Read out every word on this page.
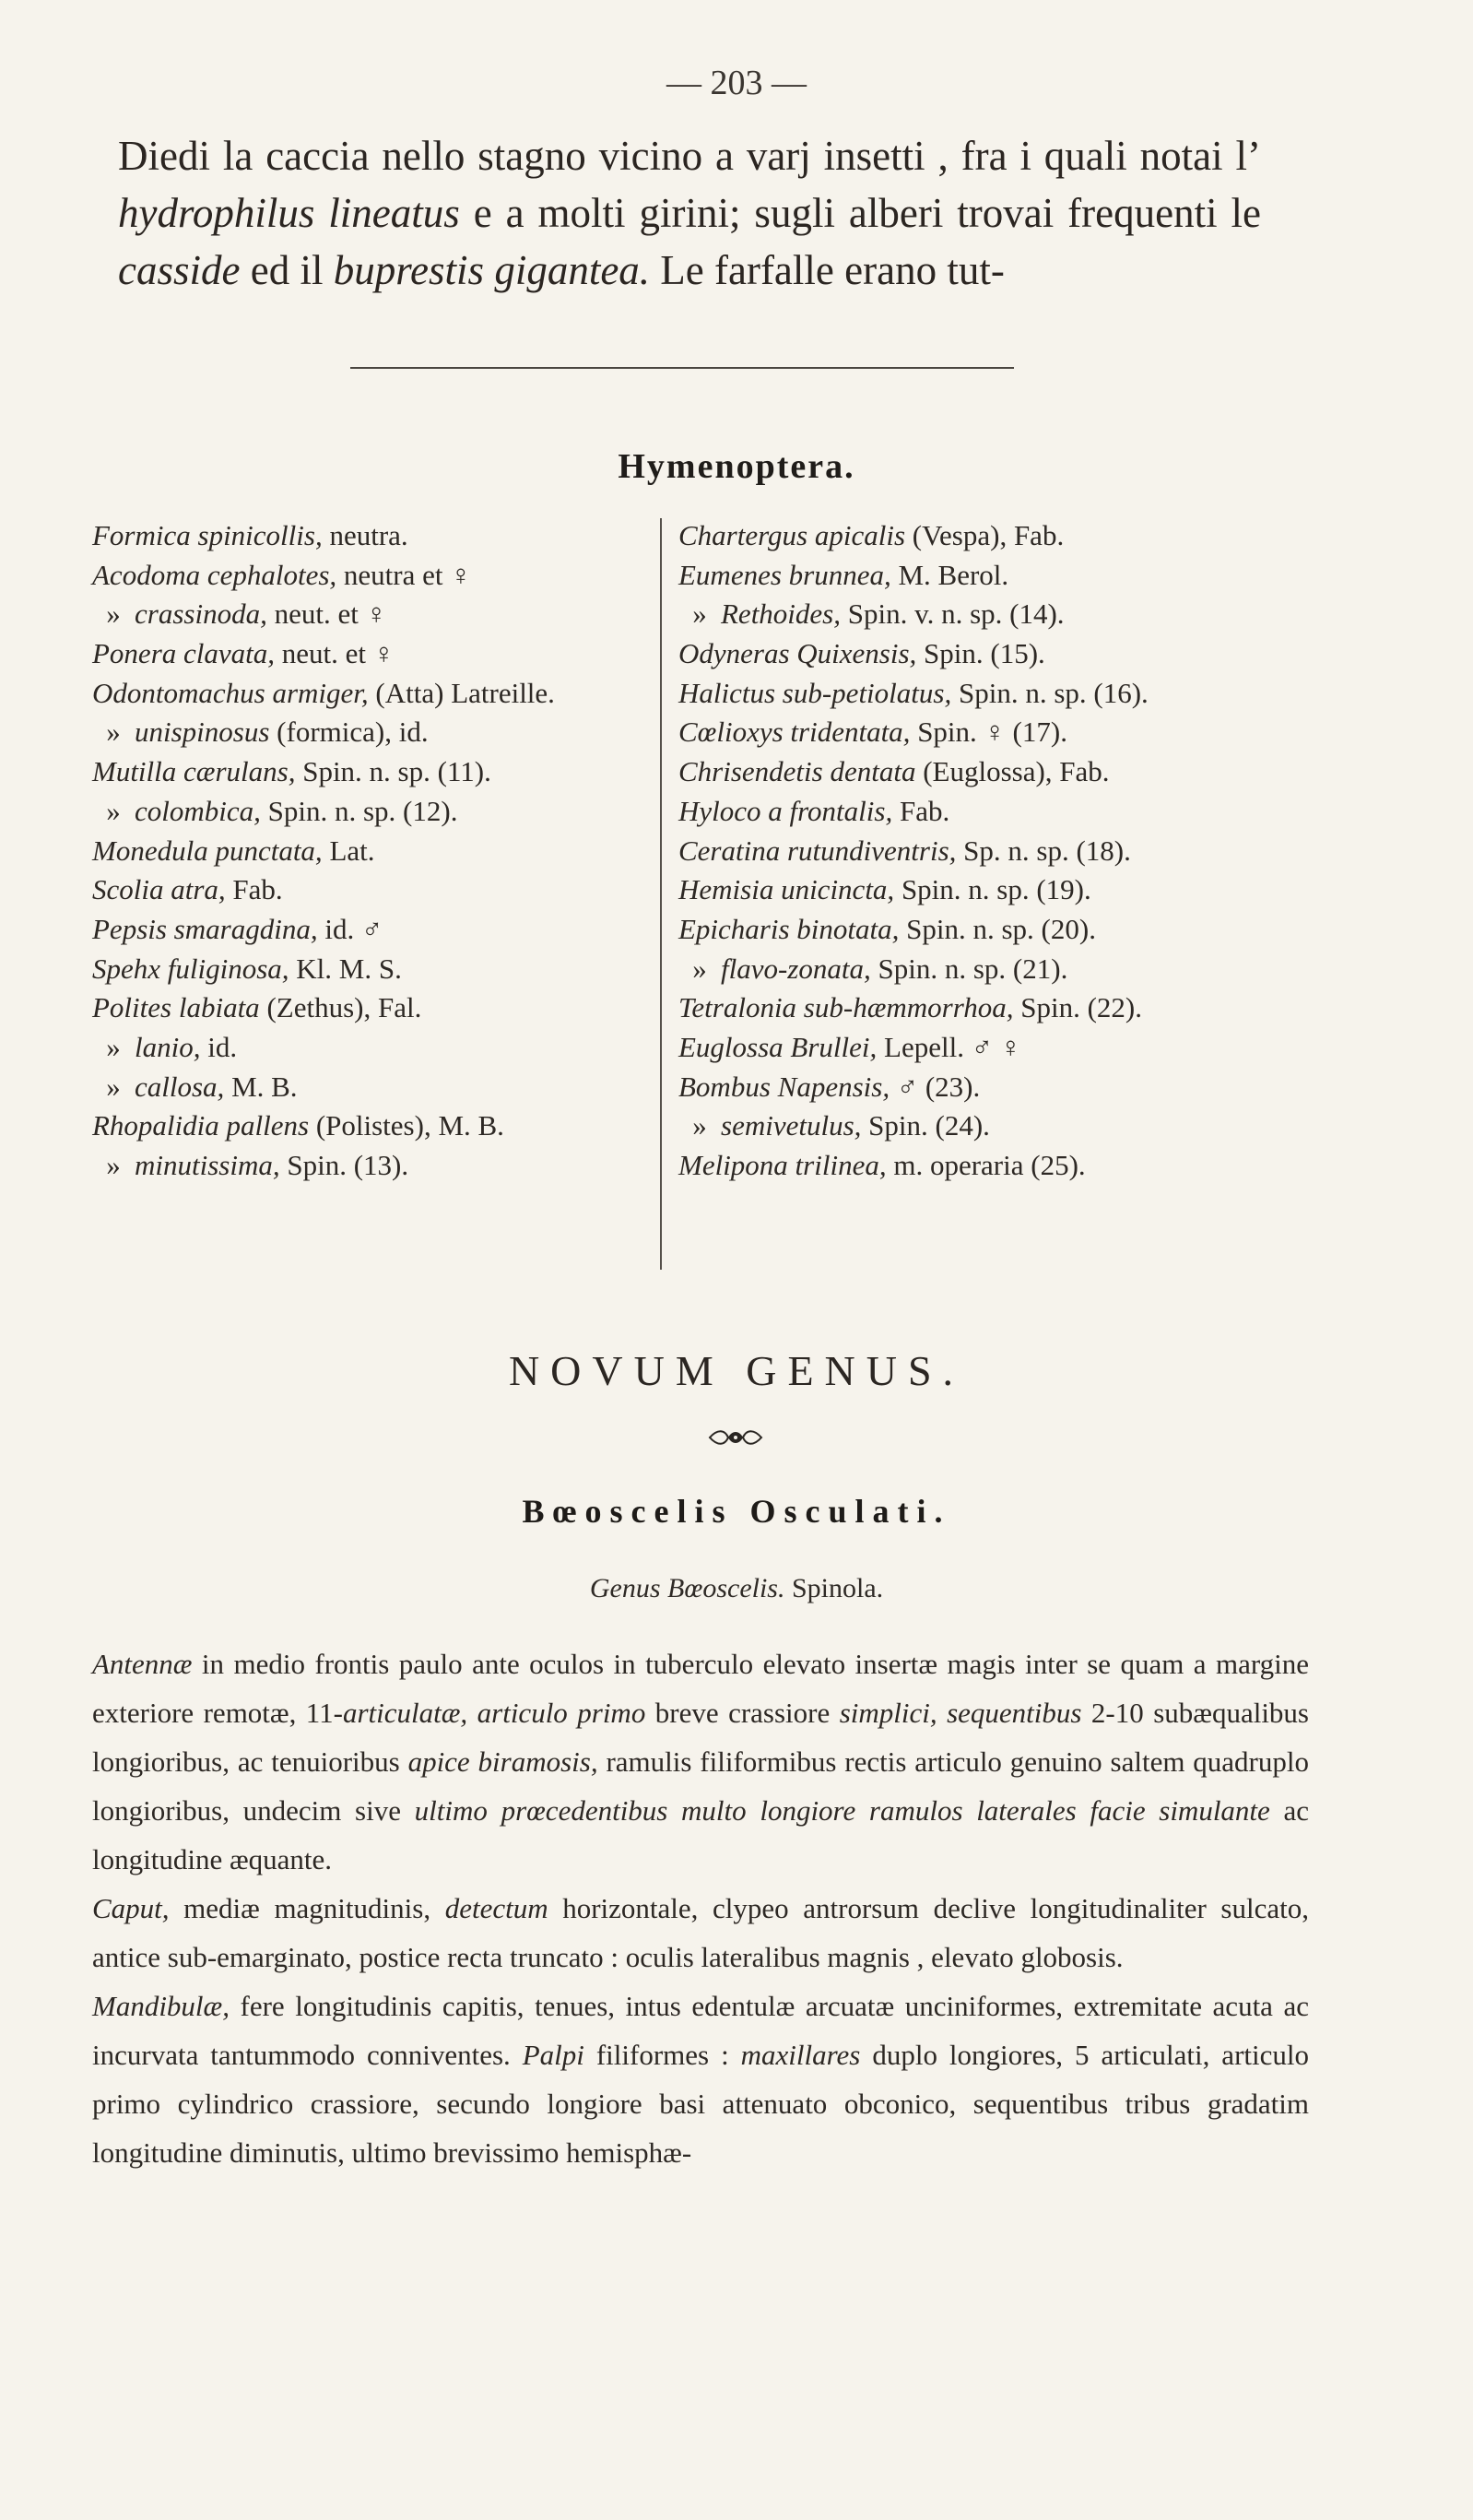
— 203 —

Diedi la caccia nello stagno vicino a varj insetti , fra i quali notai l’ hydrophilus lineatus e a molti girini; sugli alberi trovai frequenti le casside ed il buprestis gigantea. Le farfalle erano tut-

Hymenoptera.
Formica spinicollis, neutra.
Acodoma cephalotes, neutra et ♀
» crassinoda, neut. et ♀
Ponera clavata, neut. et ♀
Odontomachus armiger, (Atta) Latreille.
» unispinosus (formica), id.
Mutilla cærulans, Spin. n. sp. (11).
» colombica, Spin. n. sp. (12).
Monedula punctata, Lat.
Scolia atra, Fab.
Pepsis smaragdina, id. ♂
Spehx fuliginosa, Kl. M. S.
Polites labiata (Zethus), Fal.
» lanio, id.
» callosa, M. B.
Rhopalidia pallens (Polistes), M. B.
» minutissima, Spin. (13).
Chartergus apicalis (Vespa), Fab.
Eumenes brunnea, M. Berol.
» Rethoides, Spin. v. n. sp. (14).
Odyneras Quixensis, Spin. (15).
Halictus sub-petiolatus, Spin. n. sp. (16).
Cœlioxys tridentata, Spin. ♀ (17).
Chrisendetis dentata (Euglossa), Fab.
Hyloco a frontalis, Fab.
Ceratina rutundiventris, Sp. n. sp. (18).
Hemisia unicincta, Spin. n. sp. (19).
Epicharis binotata, Spin. n. sp. (20).
» flavo-zonata, Spin. n. sp. (21).
Tetralonia sub-hæmmorrhoa, Spin. (22).
Euglossa Brullei, Lepell. ♂ ♀
Bombus Napensis, ♂ (23).
» semivetulus, Spin. (24).
Melipona trilinea, m. operaria (25).
NOVUM GENUS.
Bœoscelis Osculati.
Genus Bœoscelis. Spinola.

Antennæ in medio frontis paulo ante oculos in tuberculo elevato insertæ magis inter se quam a margine exteriore remotæ, 11-articulatæ, articulo primo breve crassiore simplici, sequentibus 2-10 subæqualibus longioribus, ac tenuioribus apice biramosis, ramulis filiformibus rectis articulo genuino saltem quadruplo longioribus, undecim sive ultimo prœcedentibus multo longiore ramulos laterales facie simulante ac longitudine æquante.

Caput, mediæ magnitudinis, detectum horizontale, clypeo antrorsum declive longitudinaliter sulcato, antice sub-emarginato, postice recta truncato : oculis lateralibus magnis , elevato globosis.

Mandibulæ, fere longitudinis capitis, tenues, intus edentulæ arcuatæ unciniformes, extremitate acuta ac incurvata tantummodo conniventes. Palpi filiformes : maxillares duplo longiores, 5 articulati, articulo primo cylindrico crassiore, secundo longiore basi attenuato obconico, sequentibus tribus gradatim longitudine diminutis, ultimo brevissimo hemisphæ-
